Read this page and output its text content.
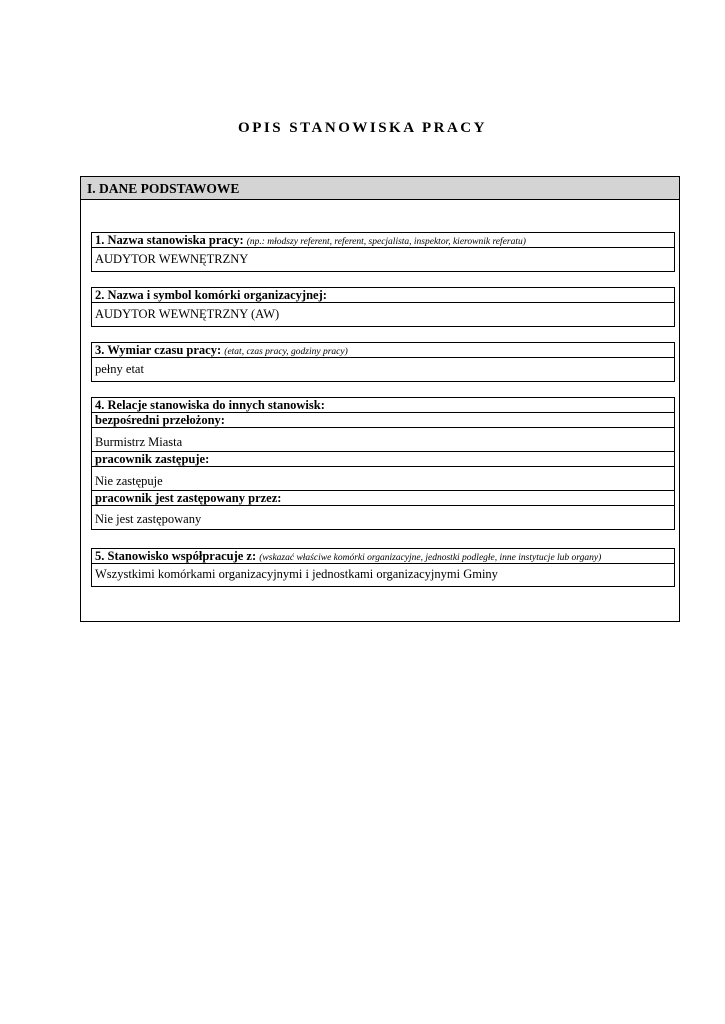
OPIS STANOWISKA PRACY
I. DANE PODSTAWOWE
1. Nazwa stanowiska pracy: (np.: młodszy referent, referent, specjalista, inspektor, kierownik referatu)
AUDYTOR WEWNĘTRZNY
2. Nazwa i symbol komórki organizacyjnej:
AUDYTOR WEWNĘTRZNY (AW)
3. Wymiar czasu pracy: (etat, czas pracy, godziny pracy)
pełny etat
4. Relacje stanowiska do innych stanowisk:
bezpośredni przełożony:
Burmistrz Miasta
pracownik zastępuje:
Nie zastępuje
pracownik jest zastępowany przez:
Nie jest zastępowany
5. Stanowisko współpracuje z: (wskazać właściwe komórki organizacyjne, jednostki podległe, inne instytucje lub organy)
Wszystkimi komórkami organizacyjnymi i jednostkami organizacyjnymi Gminy
